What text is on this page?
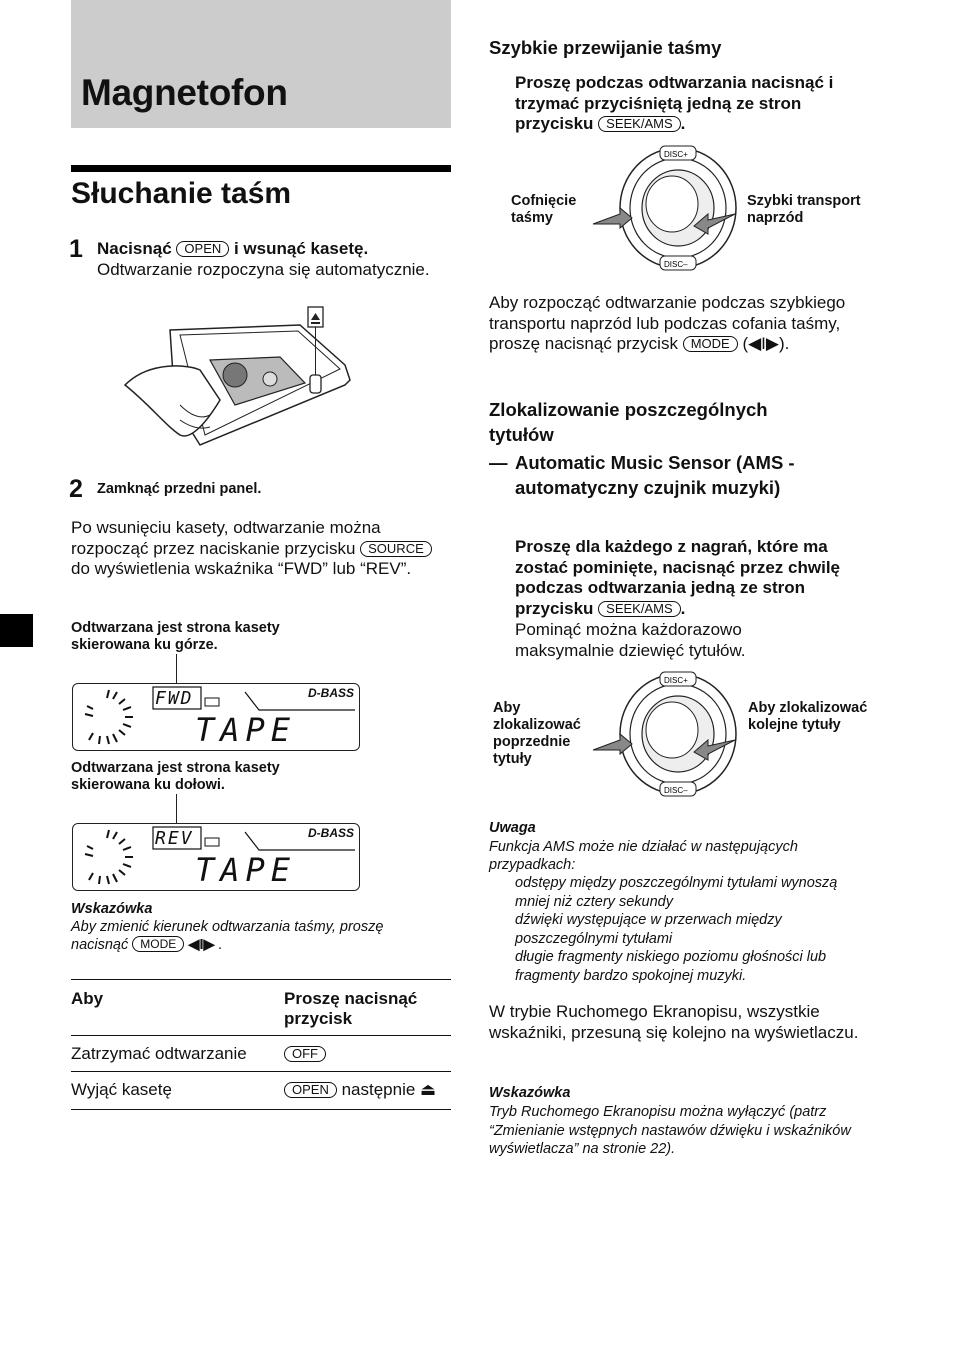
Magnetofon
Słuchanie taśm
1 Nacisnąć OPEN i wsunąć kasetę.
Odtwarzanie rozpoczyna się automatycznie.
2 Zamknąć przedni panel.
Po wsunięciu kasety, odtwarzanie można rozpocząć przez naciskanie przycisku SOURCE do wyświetlenia wskaźnika “FWD” lub “REV”.
Odtwarzana jest strona kasety skierowana ku górze.
FWD	D-BASS
TAPE
Odtwarzana jest strona kasety skierowana ku dołowi.
REV	D-BASS
TAPE
Wskazówka
Aby zmienić kierunek odtwarzania taśmy, proszę nacisnąć MODE ◀I▶ .
Aby	Proszę nacisnąć przycisk
Zatrzymać odtwarzanie	OFF
Wyjąć kasetę	OPEN następnie ⏏
Szybkie przewijanie taśmy
Proszę podczas odtwarzania nacisnąć i trzymać przyciśniętą jedną ze stron przycisku SEEK/AMS .
Cofnięcie taśmy
Szybki transport naprzód
DISC+
DISC–
Aby rozpocząć odtwarzanie podczas szybkiego transportu naprzód lub podczas cofania taśmy, proszę nacisnąć przycisk MODE (◀I▶).
Zlokalizowanie poszczególnych tytułów
— Automatic Music Sensor (AMS - automatyczny czujnik muzyki)
Proszę dla każdego z nagrań, które ma zostać pominięte, nacisnąć przez chwilę podczas odtwarzania jedną ze stron przycisku SEEK/AMS .
Pominąć można każdorazowo maksymalnie dziewięć tytułów.
Aby zlokalizować poprzednie tytuły
Aby zlokalizować kolejne tytuły
DISC+
DISC–
Uwaga
Funkcja AMS może nie działać w następujących przypadkach:
odstępy między poszczególnymi tytułami wynoszą mniej niż cztery sekundy
dźwięki występujące w przerwach między poszczególnymi tytułami
długie fragmenty niskiego poziomu głośności lub fragmenty bardzo spokojnej muzyki.
W trybie Ruchomego Ekranopisu, wszystkie wskaźniki, przesuną się kolejno na wyświetlaczu.
Wskazówka
Tryb Ruchomego Ekranopisu można wyłączyć (patrz “Zmienianie wstępnych nastawów dźwięku i wskaźników wyświetlacza” na stronie 22).
